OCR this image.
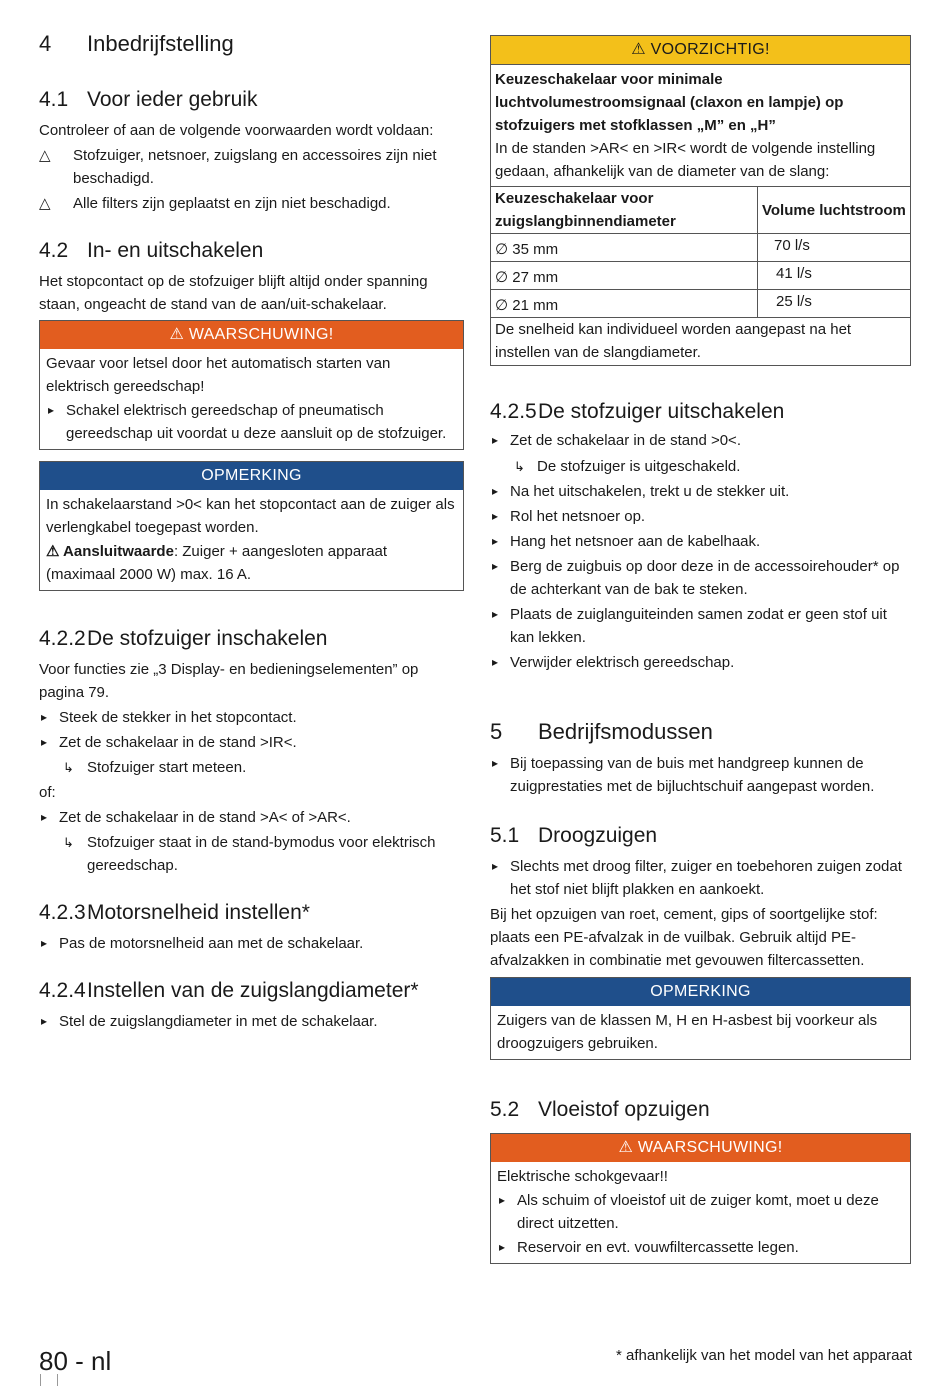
4 Inbedrijfstelling
4.1 Voor ieder gebruik

Controleer of aan de volgende voorwaarden wordt voldaan:

△ Stofzuiger, netsnoer, zuigslang en accessoires zijn niet beschadigd.

△ Alle filters zijn geplaatst en zijn niet beschadigd.

4.2 In- en uitschakelen

Het stopcontact op de stofzuiger blijft altijd onder spanning staan, ongeacht de stand van de aan/uit-schakelaar.

⚠ WAARSCHUWING!

Gevaar voor letsel door het automatisch starten van elektrisch gereedschap!

▸ Schakel elektrisch gereedschap of pneumatisch gereedschap uit voordat u deze aansluit op de stofzuiger.

OPMERKING

In schakelaarstand >0< kan het stopcontact aan de zuiger als verlengkabel toegepast worden.

⚠ Aansluitwaarde: Zuiger + aangesloten apparaat (maximaal 2000 W) max. 16 A.

4.2.2De stofzuiger inschakelen

Voor functies zie „3 Display- en bedieningselementen” op pagina 79.

▸ Steek de stekker in het stopcontact.

▸ Zet de schakelaar in de stand >IR<.

↳ Stofzuiger start meteen.

of:

▸ Zet de schakelaar in de stand >A< of >AR<.

↳ Stofzuiger staat in de stand-bymodus voor elektrisch gereedschap.

4.2.3Motorsnelheid instellen*

▸ Pas de motorsnelheid aan met de schakelaar.

4.2.4Instellen van de zuigslangdiameter*

▸ Stel de zuigslangdiameter in met de schakelaar.

⚠ VOORZICHTIG!

Keuzeschakelaar voor minimale luchtvolumestroomsignaal (claxon en lampje) op stofzuigers met stofklassen „M” en „H”

In de standen >AR< en >IR< wordt de volgende instelling gedaan, afhankelijk van de diameter van de slang:

Keuzeschakelaar voor zuigslangbinnendiameter	Volume luchtstroom
∅ 35 mm	70 l/s
∅ 27 mm	41 l/s
∅ 21 mm	25 l/s
De snelheid kan individueel worden aangepast na het instellen van de slangdiameter.	
4.2.5De stofzuiger uitschakelen

▸ Zet de schakelaar in de stand >0<.

↳ De stofzuiger is uitgeschakeld.

▸ Na het uitschakelen, trekt u de stekker uit.

▸ Rol het netsnoer op.

▸ Hang het netsnoer aan de kabelhaak.

▸ Berg de zuigbuis op door deze in de accessoirehouder* op de achterkant van de bak te steken.

▸ Plaats de zuiglanguiteinden samen zodat er geen stof uit kan lekken.

▸ Verwijder elektrisch gereedschap.

5 Bedrijfsmodussen

▸ Bij toepassing van de buis met handgreep kunnen de zuigprestaties met de bijluchtschuif aangepast worden.

5.1 Droogzuigen

▸ Slechts met droog filter, zuiger en toebehoren zuigen zodat het stof niet blijft plakken en aankoekt.

Bij het opzuigen van roet, cement, gips of soortgelijke stof: plaats een PE-afvalzak in de vuilbak. Gebruik altijd PE-afvalzakken in combinatie met gevouwen filtercassetten.

OPMERKING

Zuigers van de klassen M, H en H-asbest bij voorkeur als droogzuigers gebruiken.

5.2 Vloeistof opzuigen
⚠ WAARSCHUWING!

Elektrische schokgevaar!!

▸ Als schuim of vloeistof uit de zuiger komt, moet u deze direct uitzetten.

▸ Reservoir en evt. vouwfiltercassette legen.

80 - nl	* afhankelijk van het model van het apparaat
